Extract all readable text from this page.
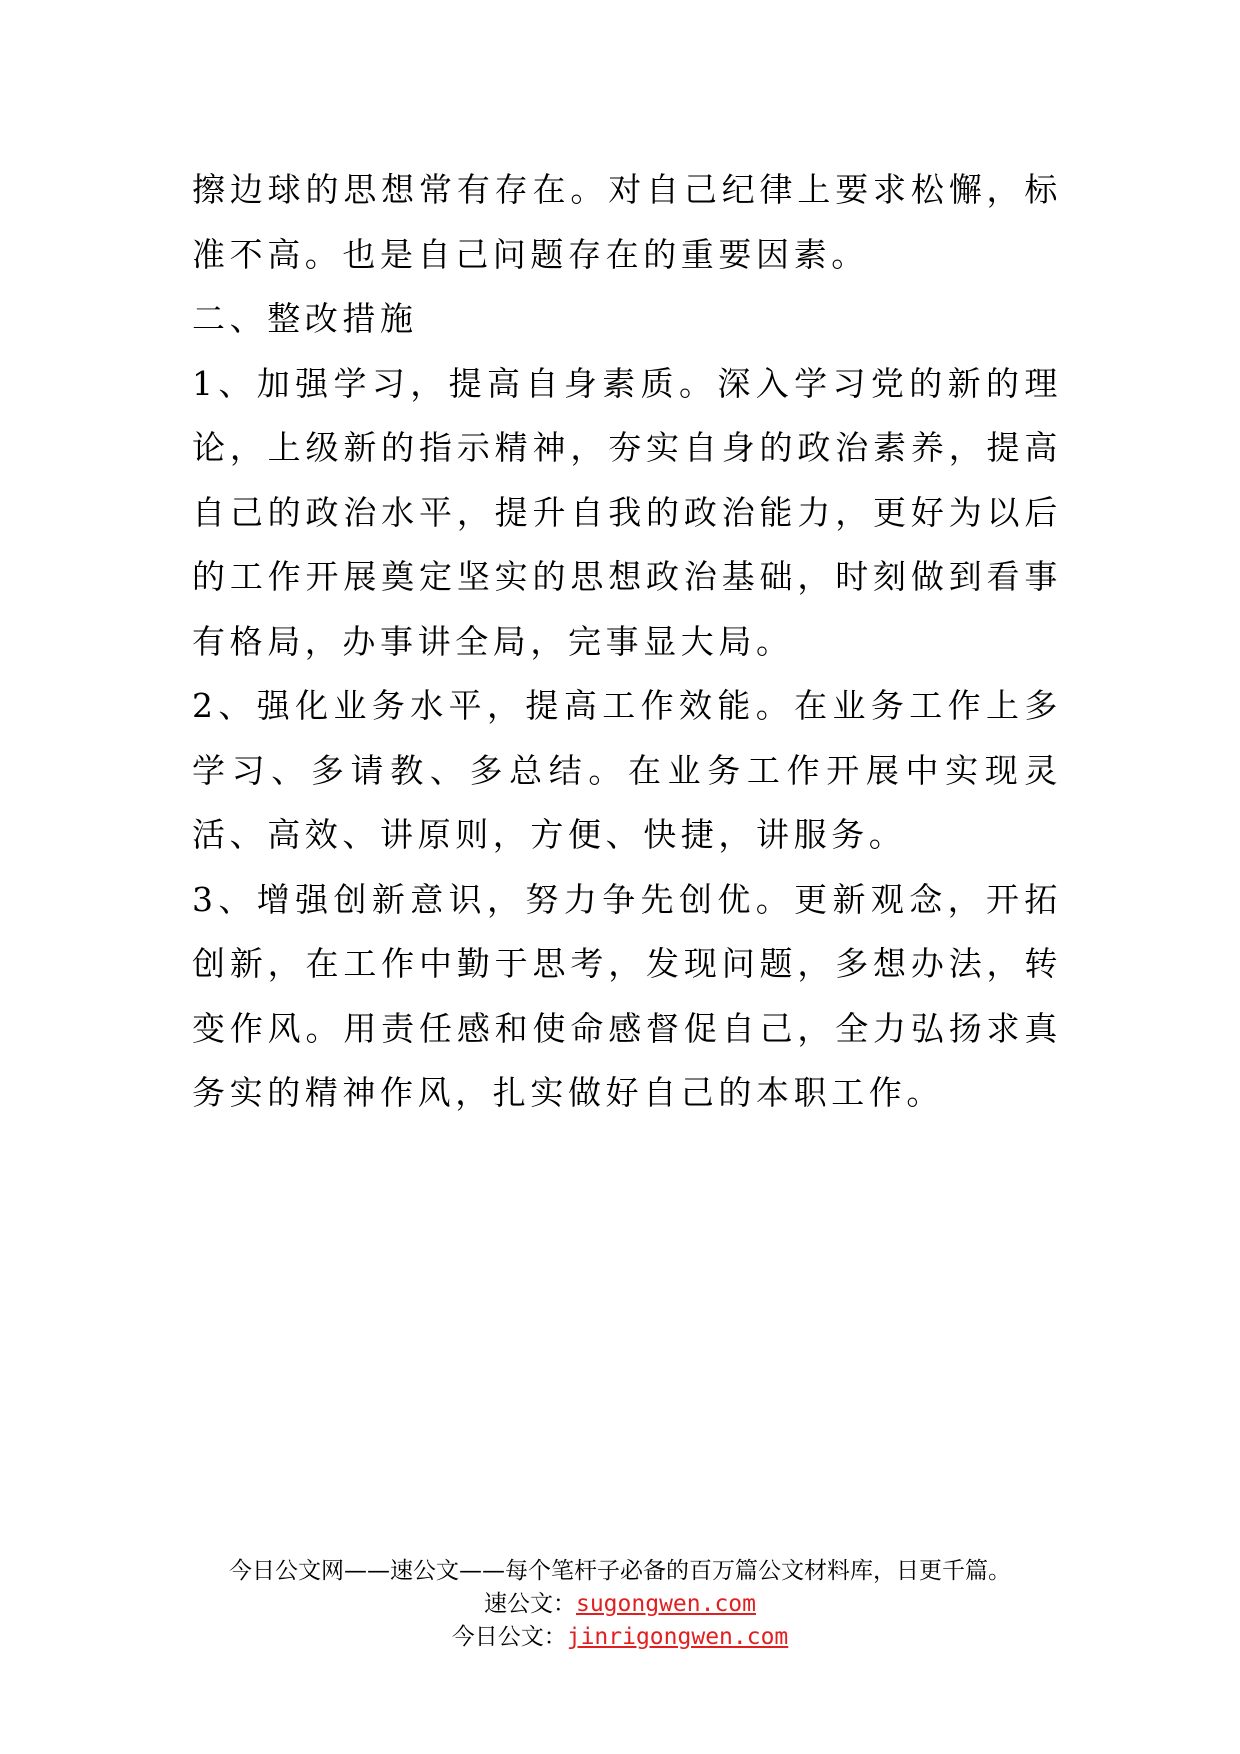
擦边球的思想常有存在。对自己纪律上要求松懈，标准不高。也是自己问题存在的重要因素。

二、整改措施

1、加强学习，提高自身素质。深入学习党的新的理论，上级新的指示精神，夯实自身的政治素养，提高自己的政治水平，提升自我的政治能力，更好为以后的工作开展奠定坚实的思想政治基础，时刻做到看事有格局，办事讲全局，完事显大局。

2、强化业务水平，提高工作效能。在业务工作上多学习、多请教、多总结。在业务工作开展中实现灵活、高效、讲原则，方便、快捷，讲服务。

3、增强创新意识，努力争先创优。更新观念，开拓创新，在工作中勤于思考，发现问题，多想办法，转变作风。用责任感和使命感督促自己，全力弘扬求真务实的精神作风，扎实做好自己的本职工作。

今日公文网——速公文——每个笔杆子必备的百万篇公文材料库，日更千篇。
速公文：sugongwen.com
今日公文：jinrigongwen.com
